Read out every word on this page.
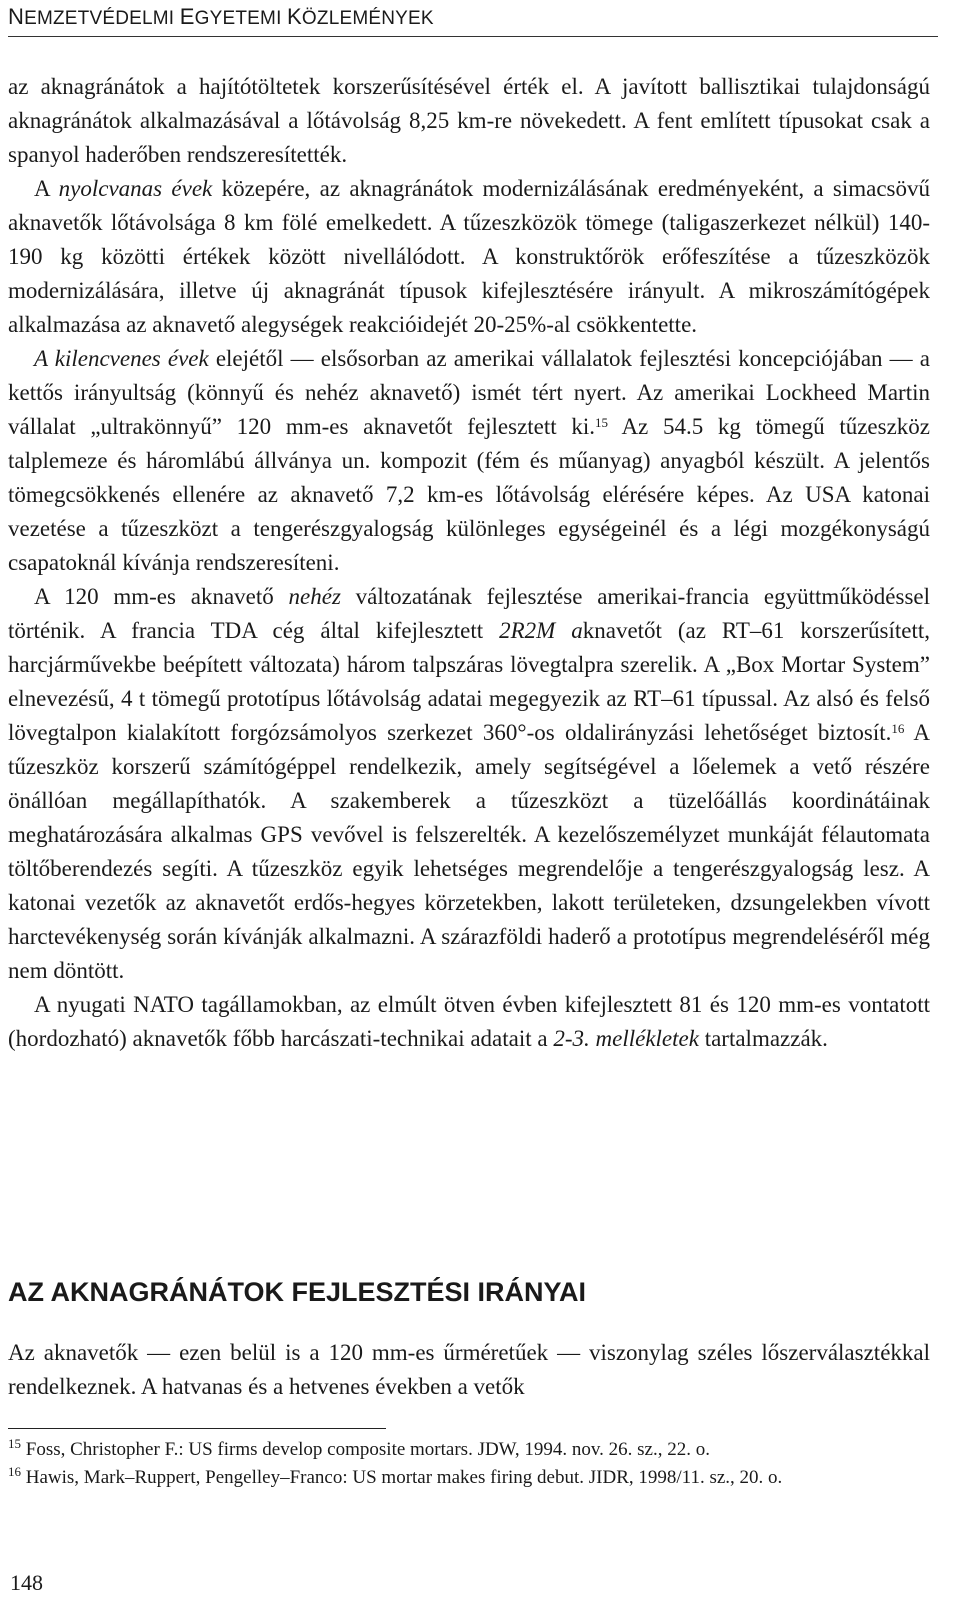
NEMZETVÉDELMI EGYETEMI KÖZLEMÉNYEK

az aknagránátok a hajítótöltetek korszerűsítésével érték el. A javított ballisztikai tulajdonságú aknagránátok alkalmazásával a lőtávolság 8,25 km-re növekedett. A fent említett típusokat csak a spanyol haderőben rendszeresítették.

A nyolcvanas évek közepére, az aknagránátok modernizálásának eredményeként, a simacsövű aknavetők lőtávolsága 8 km fölé emelkedett. A tűzeszközök tömege (taligaszerkezet nélkül) 140-190 kg közötti értékek között nivellálódott. A konstruktőrök erőfeszítése a tűzeszközök modernizálására, illetve új aknagránát típusok kifejlesztésére irányult. A mikroszámítógépek alkalmazása az aknavető alegységek reakcióidejét 20-25%-al csökkentette.

A kilencvenes évek elejétől — elsősorban az amerikai vállalatok fejlesztési koncepciójában — a kettős irányultság (könnyű és nehéz aknavető) ismét tért nyert. Az amerikai Lockheed Martin vállalat „ultrakönnyű” 120 mm-es aknavetőt fejlesztett ki.$^{15}$ Az 54.5 kg tömegű tűzeszköz talplemeze és háromlábú állványa un. kompozit (fém és műanyag) anyagból készült. A jelentős tömegcsökkenés ellenére az aknavető 7,2 km-es lőtávolság elérésére képes. Az USA katonai vezetése a tűzeszközt a tengerészgyalogság különleges egységeinél és a légi mozgékonyságú csapatoknál kívánja rendszeresíteni.

A 120 mm-es aknavető nehéz változatának fejlesztése amerikai-francia együttműködéssel történik. A francia TDA cég által kifejlesztett 2R2M aknavetőt (az RT–61 korszerűsített, harcjárművekbe beépített változata) három talpszáras lövegtalpra szerelik. A „Box Mortar System” elnevezésű, 4 t tömegű prototípus lőtávolság adatai megegyezik az RT–61 típussal. Az alsó és felső lövegtalpon kialakított forgózsámolyos szerkezet 360°-os oldalirányzási lehetőséget biztosít.$^{16}$ A tűzeszköz korszerű számítógéppel rendelkezik, amely segítségével a lőelemek a vető részére önállóan megállapíthatók. A szakemberek a tűzeszközt a tüzelőállás koordinátáinak meghatározására alkalmas GPS vevővel is felszerelték. A kezelőszemélyzet munkáját félautomata töltőberendezés segíti. A tűzeszköz egyik lehetséges megrendelője a tengerészgyalogság lesz. A katonai vezetők az aknavetőt erdős-hegyes körzetekben, lakott területeken, dzsungelekben vívott harctevékenység során kívánják alkalmazni. A szárazföldi haderő a prototípus megrendeléséről még nem döntött.

A nyugati NATO tagállamokban, az elmúlt ötven évben kifejlesztett 81 és 120 mm-es vontatott (hordozható) aknavetők főbb harcászati-technikai adatait a 2-3. mellékletek tartalmazzák.

AZ AKNAGRÁNÁTOK FEJLESZTÉSI IRÁNYAI

Az aknavetők — ezen belül is a 120 mm-es űrméretűek — viszonylag széles lőszerválasztékkal rendelkeznek. A hatvanas és a hetvenes években a vetők

$^{15}$ Foss, Christopher F.: US firms develop composite mortars. JDW, 1994. nov. 26. sz., 22. o.
$^{16}$ Hawis, Mark–Ruppert, Pengelley–Franco: US mortar makes firing debut. JIDR, 1998/11. sz., 20. o.
148
